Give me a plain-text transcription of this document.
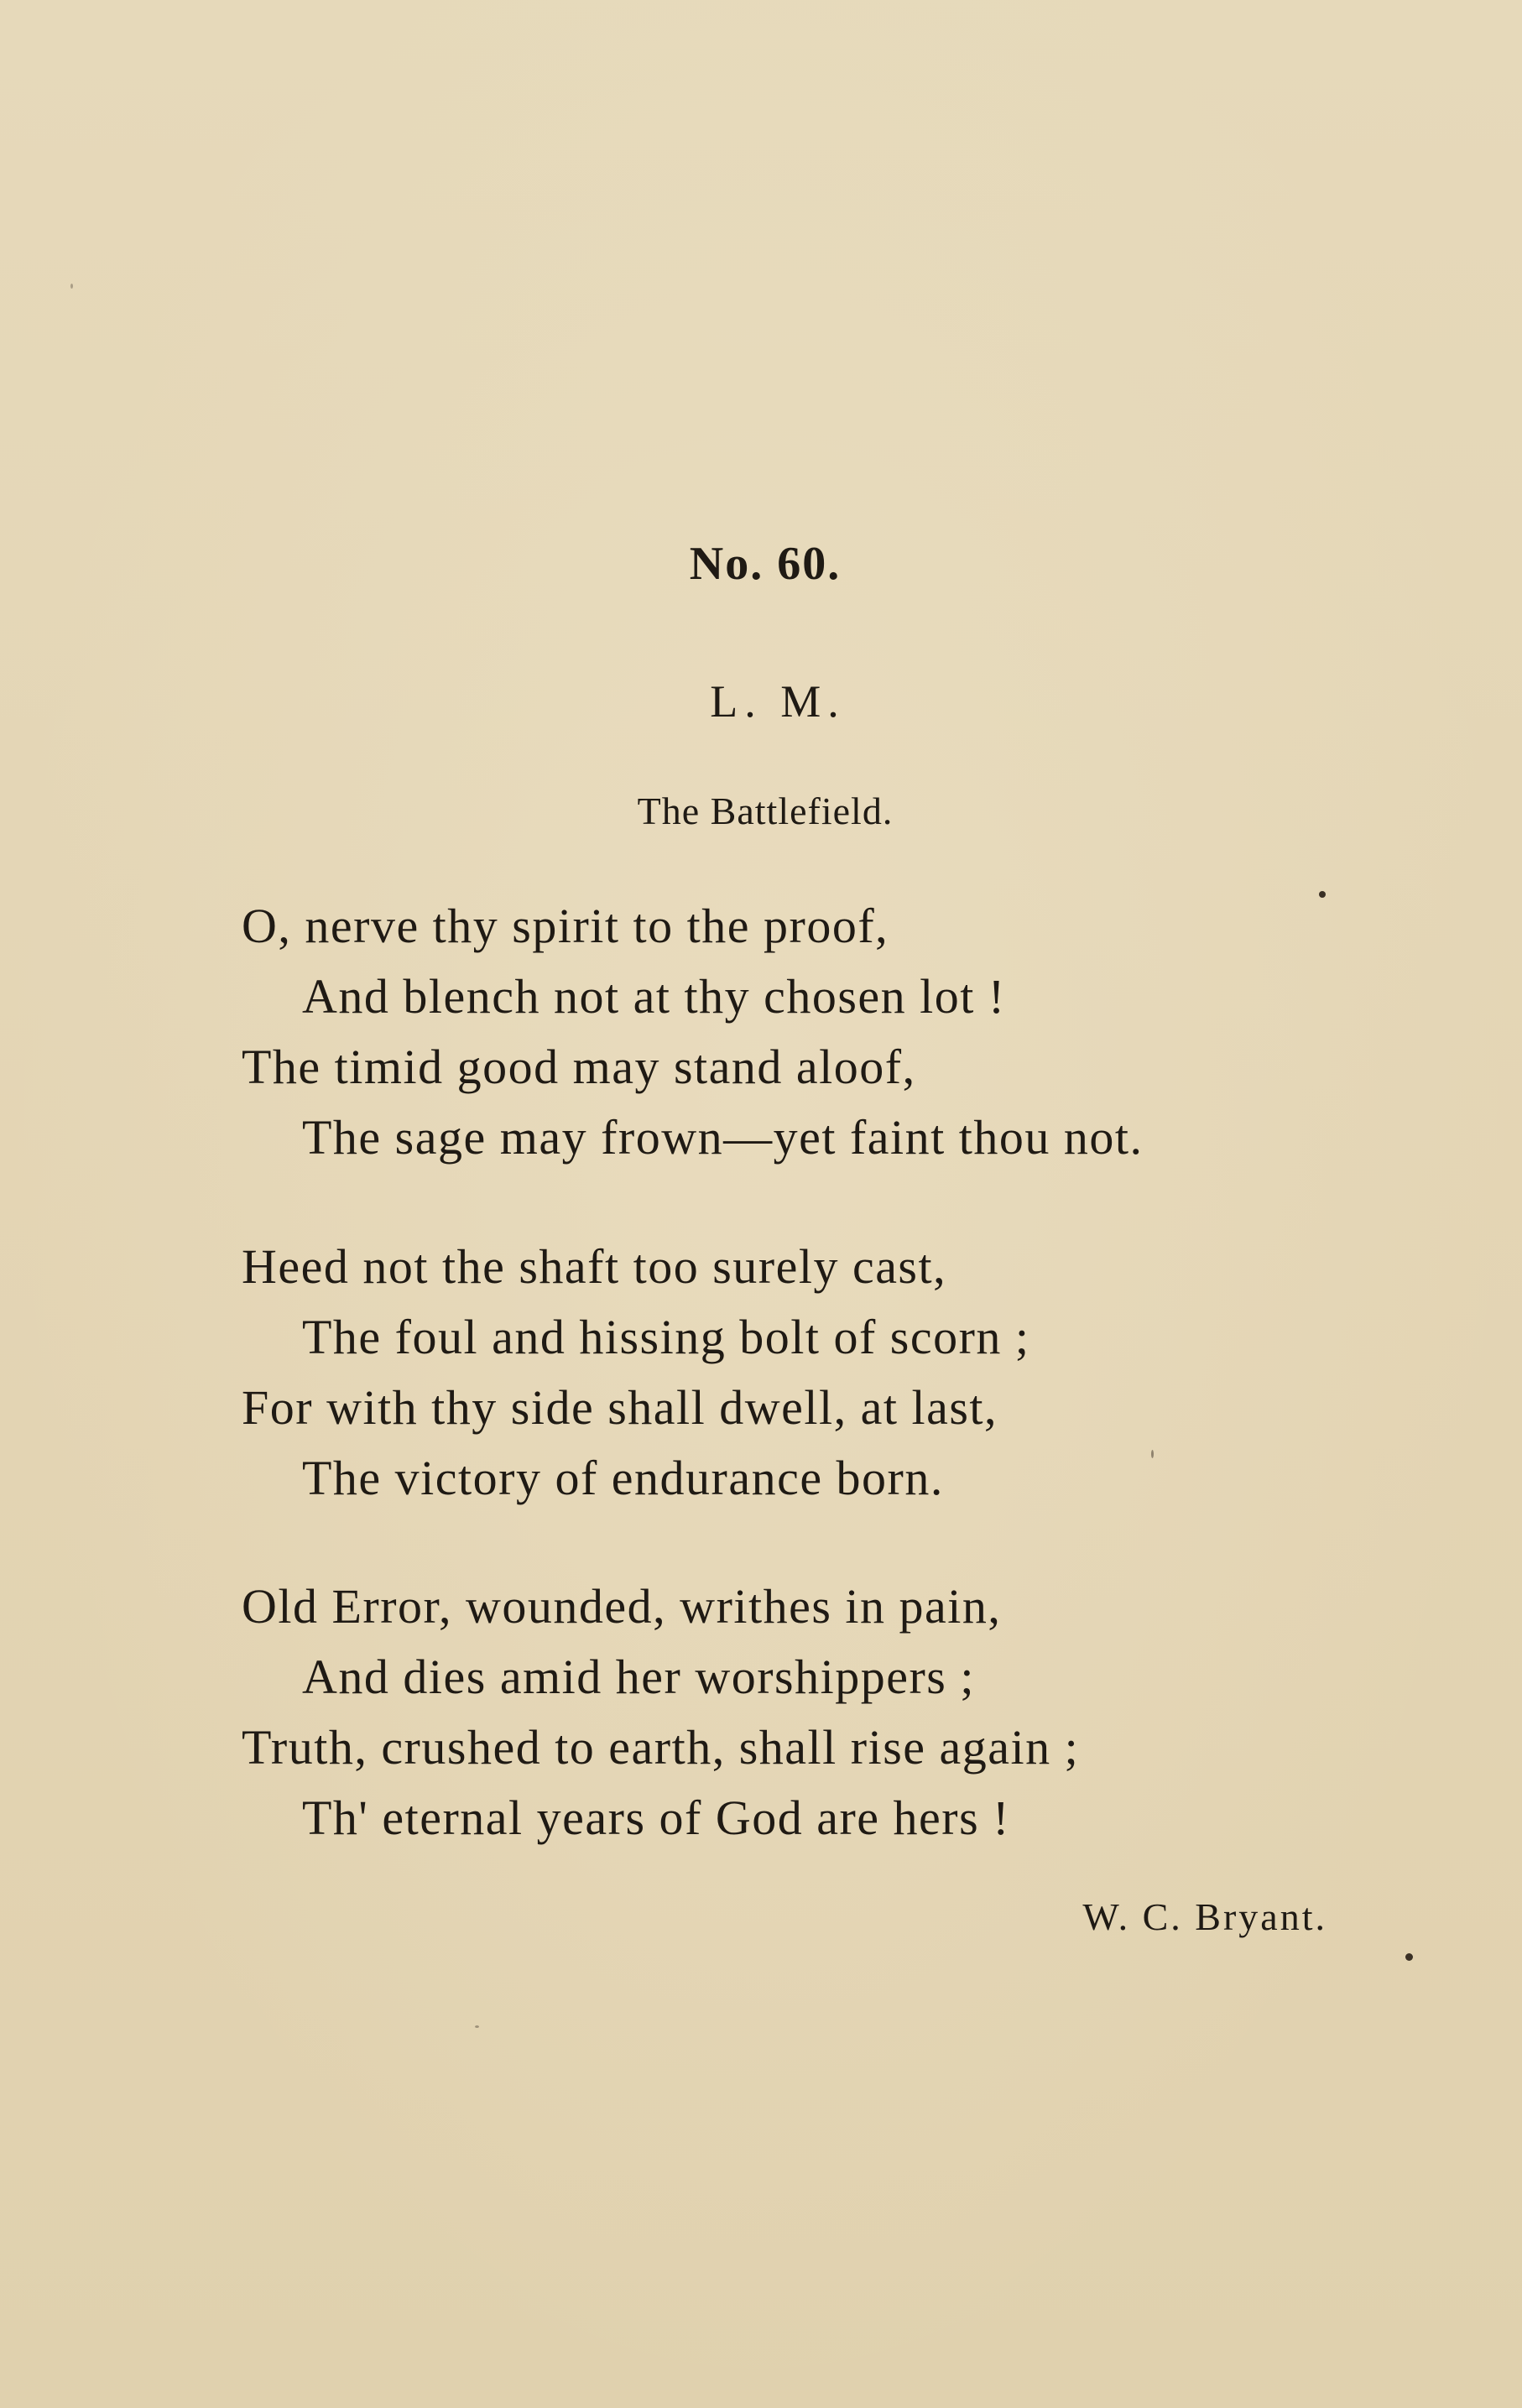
No. 60.
L. M.
The Battlefield.
O, nerve thy spirit to the proof,
And blench not at thy chosen lot !
The timid good may stand aloof,
The sage may frown—yet faint thou not.
Heed not the shaft too surely cast,
The foul and hissing bolt of scorn ;
For with thy side shall dwell, at last,
The victory of endurance born.
Old Error, wounded, writhes in pain,
And dies amid her worshippers ;
Truth, crushed to earth, shall rise again ;
Th' eternal years of God are hers !
W. C. Bryant.
